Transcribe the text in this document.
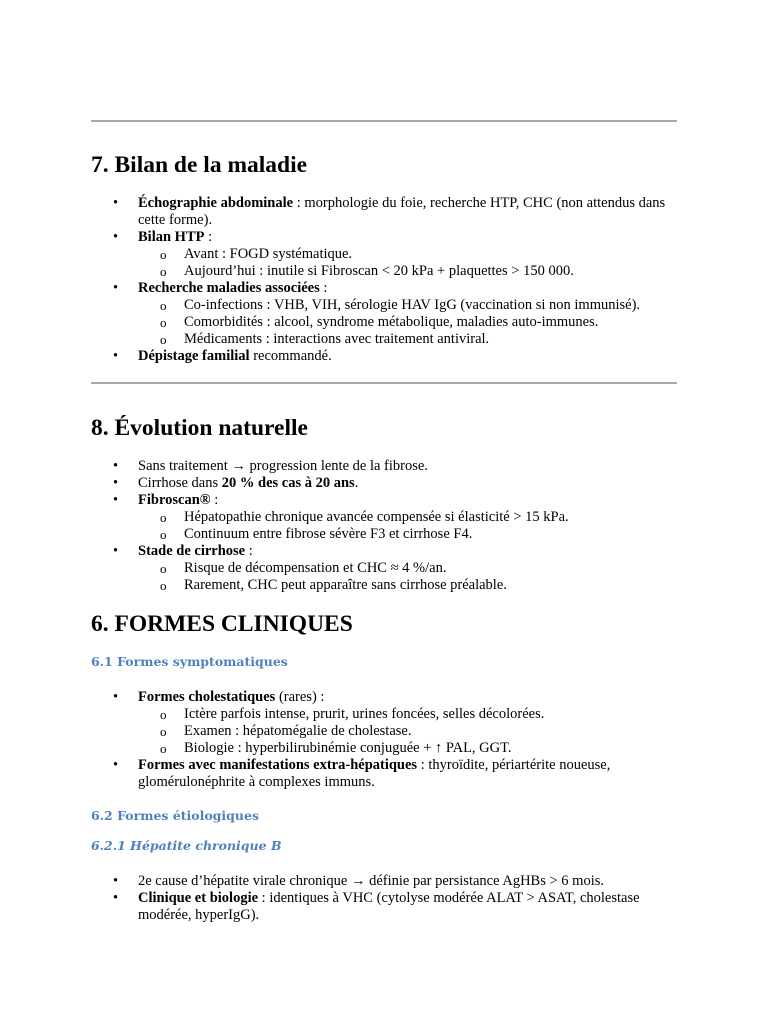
7. Bilan de la maladie
• Échographie abdominale : morphologie du foie, recherche HTP, CHC (non attendus dans cette forme).
• Bilan HTP :
o Avant : FOGD systématique.
o Aujourd’hui : inutile si Fibroscan < 20 kPa + plaquettes > 150 000.
• Recherche maladies associées :
o Co-infections : VHB, VIH, sérologie HAV IgG (vaccination si non immunisé).
o Comorbidités : alcool, syndrome métabolique, maladies auto-immunes.
o Médicaments : interactions avec traitement antiviral.
• Dépistage familial recommandé.
8. Évolution naturelle
• Sans traitement → progression lente de la fibrose.
• Cirrhose dans 20 % des cas à 20 ans.
• Fibroscan® :
o Hépatopathie chronique avancée compensée si élasticité > 15 kPa.
o Continuum entre fibrose sévère F3 et cirrhose F4.
• Stade de cirrhose :
o Risque de décompensation et CHC ≈ 4 %/an.
o Rarement, CHC peut apparaître sans cirrhose préalable.
6. FORMES CLINIQUES
6.1 Formes symptomatiques
• Formes cholestatiques (rares) :
o Ictère parfois intense, prurit, urines foncées, selles décolorées.
o Examen : hépatomégalie de cholestase.
o Biologie : hyperbilirubinémie conjuguée + ↑ PAL, GGT.
• Formes avec manifestations extra-hépatiques : thyroïdite, périartérite noueuse, glomérulonéphrite à complexes immuns.
6.2 Formes étiologiques
6.2.1 Hépatite chronique B
• 2e cause d’hépatite virale chronique → définie par persistance AgHBs > 6 mois.
• Clinique et biologie : identiques à VHC (cytolyse modérée ALAT > ASAT, cholestase modérée, hyperIgG).
